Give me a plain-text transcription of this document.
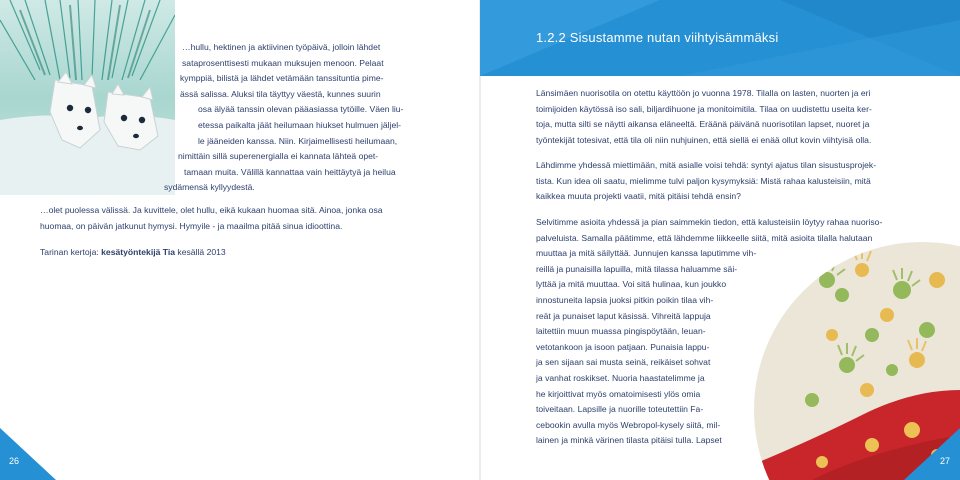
…hullu, hektinen ja aktiivinen työpäivä, jolloin lähdet
sataprosenttisesti mukaan muksujen menoon. Pelaat
kymppiä, bilistä ja lähdet vetämään tanssituntia pime-
ässä salissa. Aluksi tila täyttyy väestä, kunnes suurin
osa älyää tanssin olevan pääasiassa tytöille. Väen liu-
etessa paikalta jäät heilumaan hiukset hulmuen jäljel-
le jääneiden kanssa. Niin. Kirjaimellisesti heilumaan,
nimittäin sillä superenergialla ei kannata lähteä opet-
tamaan muita. Välillä kannattaa vain heittäytyä ja heilua
sydämensä kyllyydestä.
…olet puolessa välissä. Ja kuvittele, olet hullu, eikä kukaan huomaa sitä. Ainoa, jonka osa
huomaa, on päivän jatkunut hymysi. Hymyile - ja maailma pitää sinua idioottina.
Tarinan kertoja: kesätyöntekijä Tia kesällä 2013
26
1.2.2 Sisustamme nutan viihtyisämmäksi
Länsimäen nuorisotila on otettu käyttöön jo vuonna 1978. Tilalla on lasten, nuorten ja eri
toimijoiden käytössä iso sali, biljardihuone ja monitoimitila. Tilaa on uudistettu useita ker-
toja, mutta silti se näytti aikansa eläneeltä. Eräänä päivänä nuorisotilan lapset, nuoret ja
työntekijät totesivat, että tila oli niin nuhjuinen, että siellä ei enää ollut kovin viihtyisä olla.
Lähdimme yhdessä miettimään, mitä asialle voisi tehdä: syntyi ajatus tilan sisustusprojek-
tista. Kun idea oli saatu, mielimme tulvi paljon kysymyksiä: Mistä rahaa kalusteisiin, mitä
kaikkea muuta projekti vaatii, mitä pitäisi tehdä ensin?
Selvitimme asioita yhdessä ja pian saimmekin tiedon, että kalusteisiin löytyy rahaa nuoriso-
palveluista. Samalla päätimme, että lähdemme liikkeelle siitä, mitä asioita tilalla halutaan
muuttaa ja mitä säilyttää. Junnujen kanssa laputimme vih-
reillä ja punaisilla lapuilla, mitä tilassa haluamme säi-
lyttää ja mitä muuttaa. Voi sitä hulinaa, kun joukko
innostuneita lapsia juoksi pitkin poikin tilaa vih-
reät ja punaiset laput käsissä. Vihreitä lappuja
laitettiin muun muassa pingispöytään, leuan-
vetotankoon ja isoon patjaan. Punaisia lappu-
ja sen sijaan sai musta seinä, reikäiset sohvat
ja vanhat roskikset. Nuoria haastatelimme ja
he kirjoittivat myös omatoimisesti ylös omia
toiveitaan. Lapsille ja nuorille toteutettiin Fa-
cebookin avulla myös Webropol-kysely siitä, mil-
lainen ja minkä värinen tilasta pitäisi tulla. Lapset
27
